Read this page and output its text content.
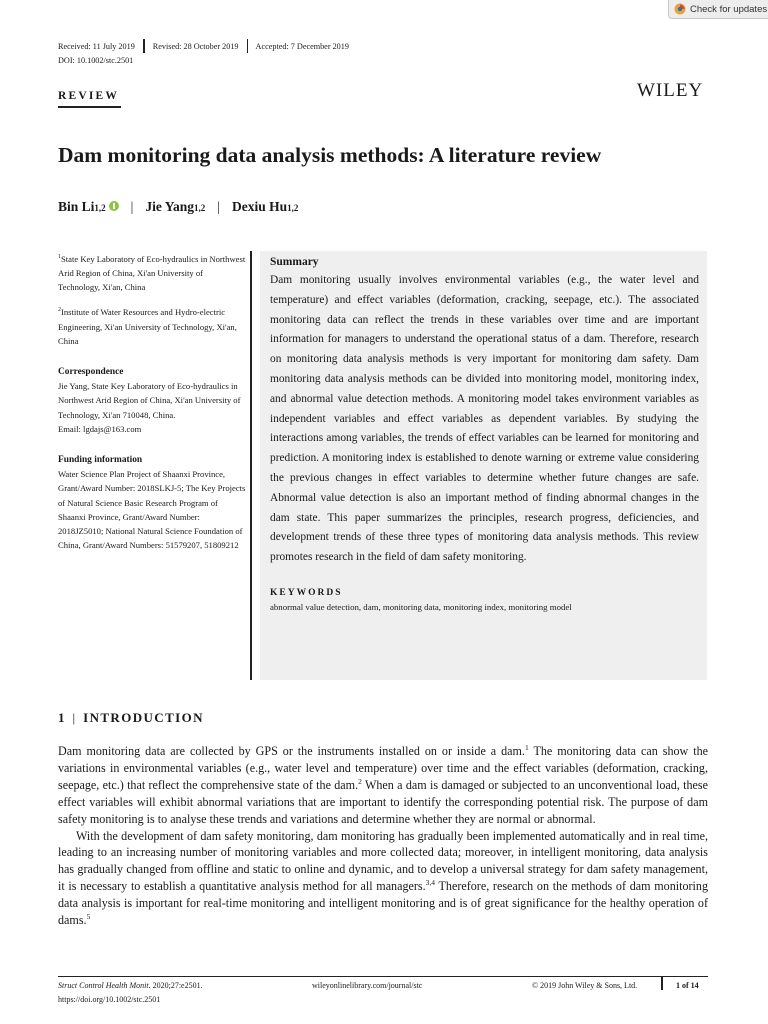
Check for updates
Received: 11 July 2019 Revised: 28 October 2019 Accepted: 7 December 2019
DOI: 10.1002/stc.2501
REVIEW	WILEY
Dam monitoring data analysis methods: A literature review
Bin Li 1,2 | Jie Yang 1,2 | Dexiu Hu 1,2

$^1$State Key Laboratory of Eco-hydraulics in Northwest Arid Region of China, Xi'an University of Technology, Xi'an, China

$^2$Institute of Water Resources and Hydro-electric Engineering, Xi'an University of Technology, Xi'an, China

Correspondence
Jie Yang, State Key Laboratory of Eco-hydraulics in Northwest Arid Region of China, Xi'an University of Technology, Xi'an 710048, China.
Email: lgdajs@163.com

Funding information
Water Science Plan Project of Shaanxi Province, Grant/Award Number: 2018SLKJ-5; The Key Projects of Natural Science Basic Research Program of Shaanxi Province, Grant/Award Number: 2018JZ5010; National Natural Science Foundation of China, Grant/Award Numbers: 51579207, 51809212

Summary

Dam monitoring usually involves environmental variables (e.g., the water level and temperature) and effect variables (deformation, cracking, seepage, etc.). The associated monitoring data can reflect the trends in these variables over time and are important information for managers to understand the operational status of a dam. Therefore, research on monitoring data analysis methods is very important for monitoring dam safety. Dam monitoring data analysis methods can be divided into monitoring model, monitoring index, and abnormal value detection methods. A monitoring model takes environment variables as independent variables and effect variables as dependent variables. By studying the interactions among variables, the trends of effect variables can be learned for monitoring and prediction. A monitoring index is established to denote warning or extreme value considering the previous changes in effect variables to determine whether future changes are safe. Abnormal value detection is also an important method of finding abnormal changes in the dam state. This paper summarizes the principles, research progress, deficiencies, and development trends of these three types of monitoring data analysis methods. This review promotes research in the field of dam safety monitoring.

KEYWORDS

abnormal value detection, dam, monitoring data, monitoring index, monitoring model

1 | INTRODUCTION

Dam monitoring data are collected by GPS or the instruments installed on or inside a dam.$^1$ The monitoring data can show the variations in environmental variables (e.g., water level and temperature) over time and the effect variables (deformation, cracking, seepage, etc.) that reflect the comprehensive state of the dam.$^2$ When a dam is damaged or subjected to an unconventional load, these effect variables will exhibit abnormal variations that are important to identify the corresponding potential risk. The purpose of dam safety monitoring is to analyse these trends and variations and determine whether they are normal or abnormal.

With the development of dam safety monitoring, dam monitoring has gradually been implemented automatically and in real time, leading to an increasing number of monitoring variables and more collected data; moreover, in intelligent monitoring, data analysis has gradually changed from offline and static to online and dynamic, and to develop a universal strategy for dam safety management, it is necessary to establish a quantitative analysis method for all managers.$^{3,4}$ Therefore, research on the methods of dam monitoring data analysis is important for real-time monitoring and intelligent monitoring and is of great significance for the healthy operation of dams.$^5$

Struct Control Health Monit. 2020;27:e2501.	wileyonlinelibrary.com/journal/stc	© 2019 John Wiley & Sons, Ltd.	1 of 14
https://doi.org/10.1002/stc.2501
